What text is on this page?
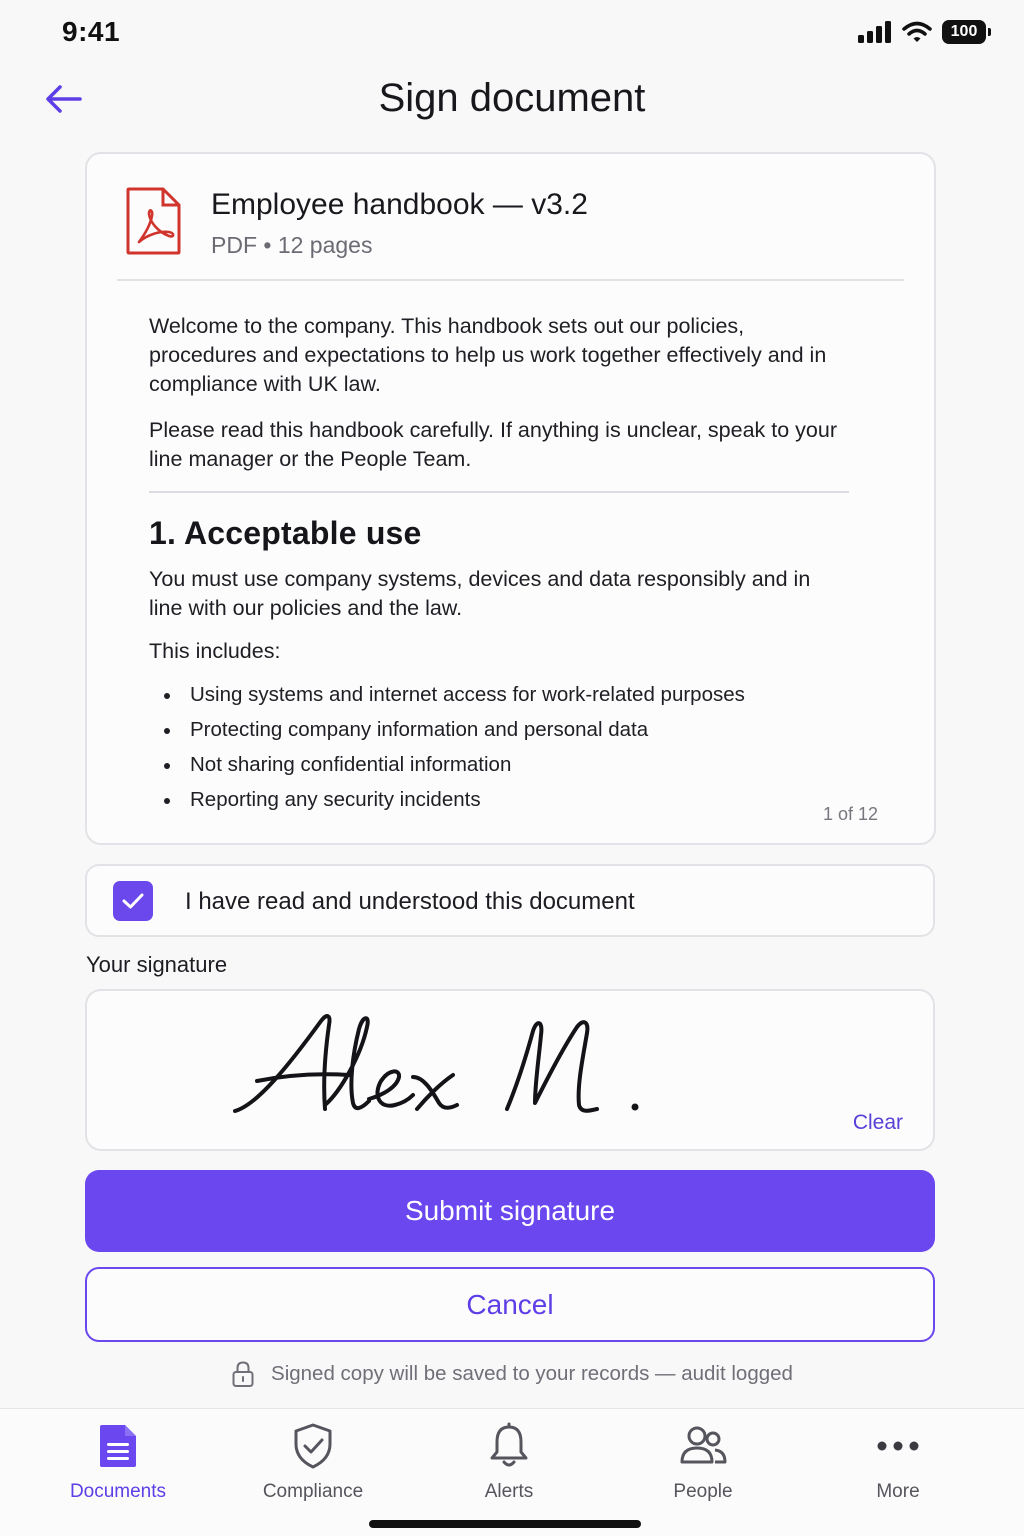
9:41	100
Sign document
Employee handbook — v3.2
PDF • 12 pages

Welcome to the company. This handbook sets out our policies, procedures and expectations to help us work together effectively and in compliance with UK law.

Please read this handbook carefully. If anything is unclear, speak to your line manager or the People Team.

1. Acceptable use

You must use company systems, devices and data responsibly and in line with our policies and the law.

This includes:

Using systems and internet access for work-related purposes
Protecting company information and personal data
Not sharing confidential information
Reporting any security incidents
1 of 12
I have read and understood this document
Your signature
Clear
Submit signature
Cancel
Signed copy will be saved to your records — audit logged
Documents	Compliance	Alerts	People	More
